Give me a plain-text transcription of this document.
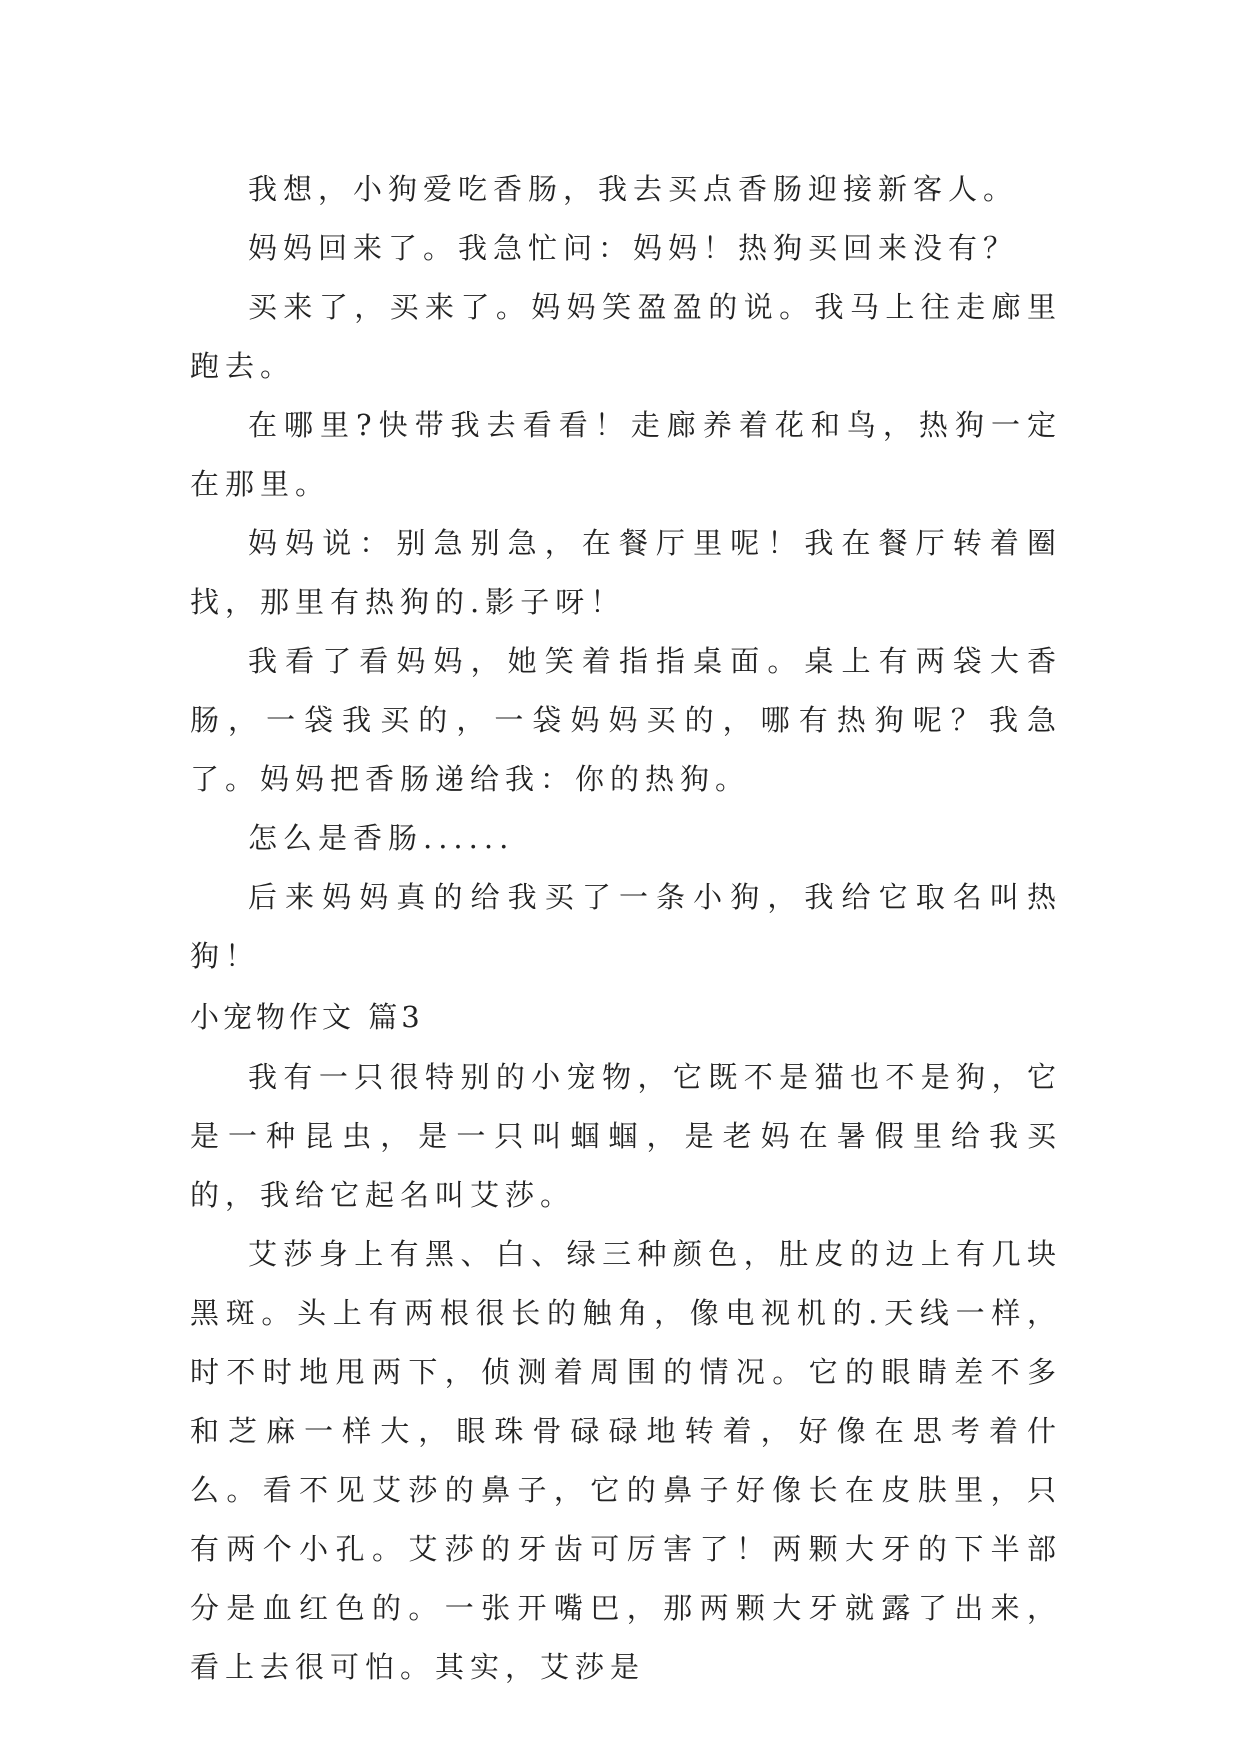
我想，小狗爱吃香肠，我去买点香肠迎接新客人。

妈妈回来了。我急忙问：妈妈！热狗买回来没有？

买来了，买来了。妈妈笑盈盈的说。我马上往走廊里跑去。

在哪里?快带我去看看！走廊养着花和鸟，热狗一定在那里。

妈妈说：别急别急，在餐厅里呢！我在餐厅转着圈找，那里有热狗的.影子呀！

我看了看妈妈，她笑着指指桌面。桌上有两袋大香肠，一袋我买的，一袋妈妈买的，哪有热狗呢？我急了。妈妈把香肠递给我：你的热狗。

怎么是香肠......

后来妈妈真的给我买了一条小狗，我给它取名叫热狗！

小宠物作文 篇3

我有一只很特别的小宠物，它既不是猫也不是狗，它是一种昆虫，是一只叫蝈蝈，是老妈在暑假里给我买的，我给它起名叫艾莎。

艾莎身上有黑、白、绿三种颜色，肚皮的边上有几块黑斑。头上有两根很长的触角，像电视机的.天线一样，时不时地甩两下，侦测着周围的情况。它的眼睛差不多和芝麻一样大，眼珠骨碌碌地转着，好像在思考着什么。看不见艾莎的鼻子，它的鼻子好像长在皮肤里，只有两个小孔。艾莎的牙齿可厉害了！两颗大牙的下半部分是血红色的。一张开嘴巴，那两颗大牙就露了出来，看上去很可怕。其实，艾莎是
